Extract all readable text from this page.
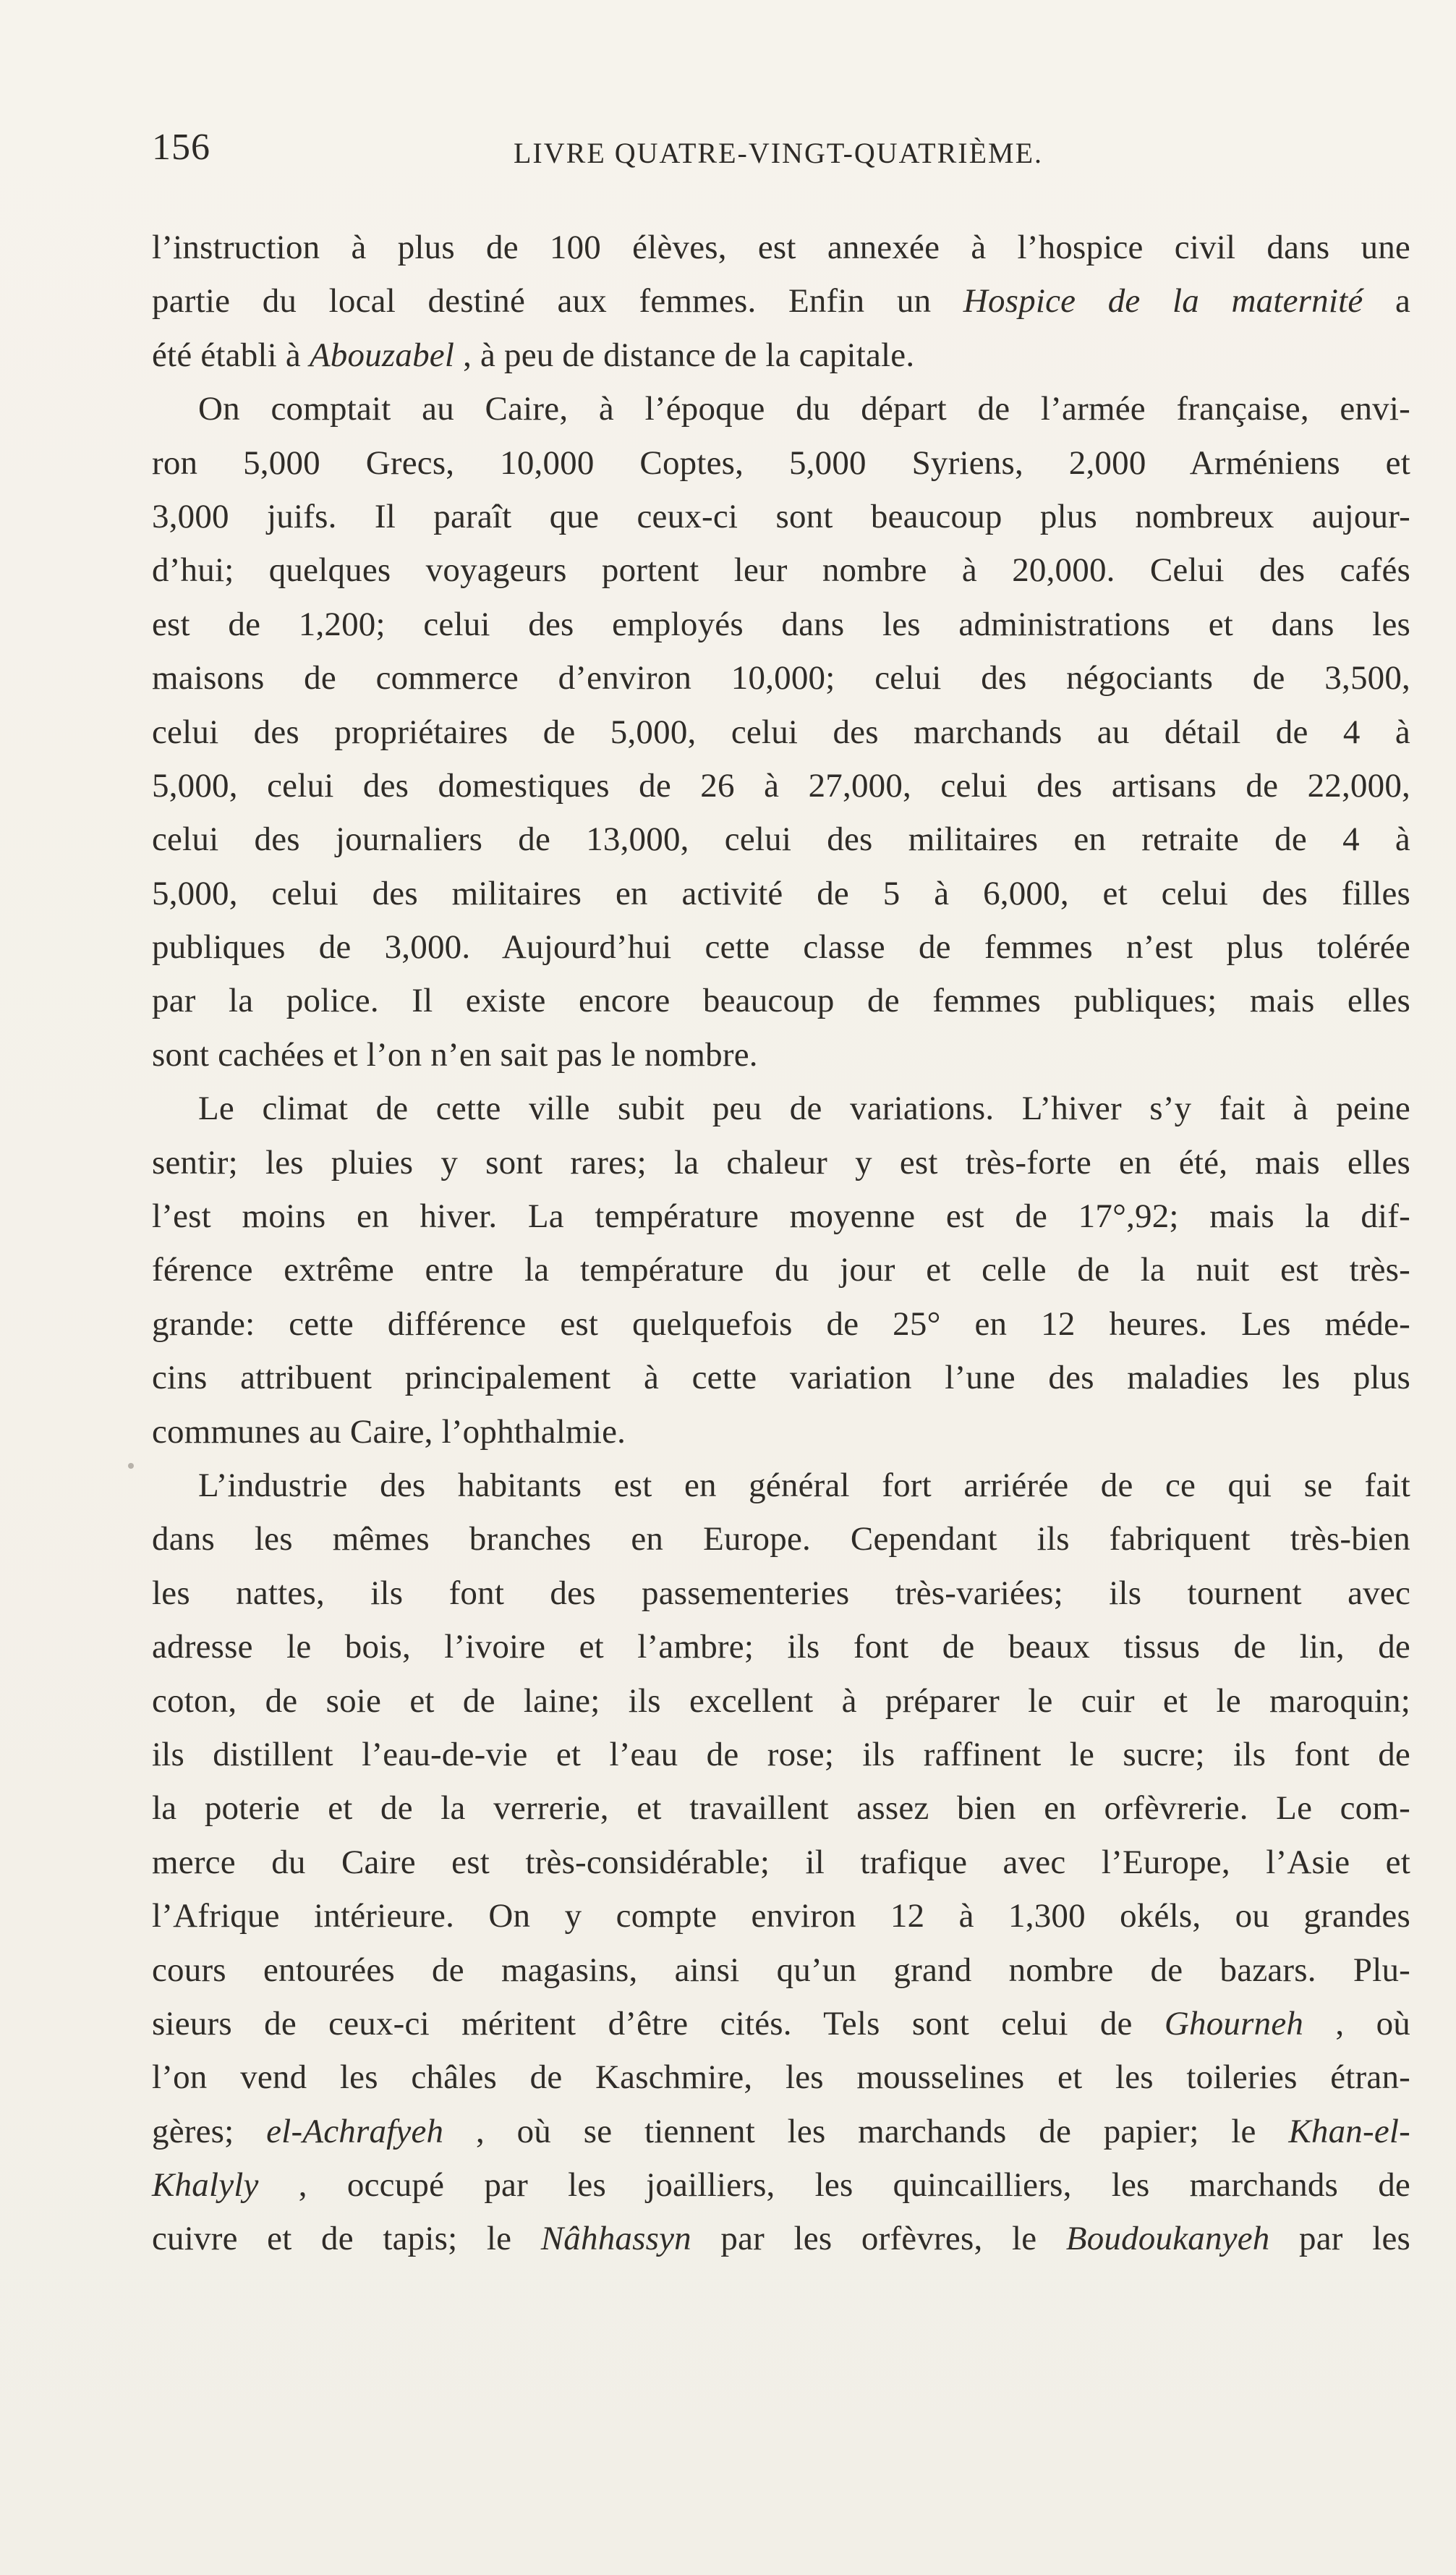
156	LIVRE QUATRE-VINGT-QUATRIÈME.
l’instruction à plus de 100 élèves, est annexée à l’hospice civil dans une
partie du local destiné aux femmes. Enfin un Hospice de la maternité a
été établi à Abouzabel , à peu de distance de la capitale.
On comptait au Caire, à l’époque du départ de l’armée française, envi-
ron 5,000 Grecs, 10,000 Coptes, 5,000 Syriens, 2,000 Arméniens et
3,000 juifs. Il paraît que ceux-ci sont beaucoup plus nombreux aujour-
d’hui; quelques voyageurs portent leur nombre à 20,000. Celui des cafés
est de 1,200; celui des employés dans les administrations et dans les
maisons de commerce d’environ 10,000; celui des négociants de 3,500,
celui des propriétaires de 5,000, celui des marchands au détail de 4 à
5,000, celui des domestiques de 26 à 27,000, celui des artisans de 22,000,
celui des journaliers de 13,000, celui des militaires en retraite de 4 à
5,000, celui des militaires en activité de 5 à 6,000, et celui des filles
publiques de 3,000. Aujourd’hui cette classe de femmes n’est plus tolérée
par la police. Il existe encore beaucoup de femmes publiques; mais elles
sont cachées et l’on n’en sait pas le nombre.
Le climat de cette ville subit peu de variations. L’hiver s’y fait à peine
sentir; les pluies y sont rares; la chaleur y est très-forte en été, mais elles
l’est moins en hiver. La température moyenne est de 17°,92; mais la dif-
férence extrême entre la température du jour et celle de la nuit est très-
grande: cette différence est quelquefois de 25° en 12 heures. Les méde-
cins attribuent principalement à cette variation l’une des maladies les plus
communes au Caire, l’ophthalmie.
L’industrie des habitants est en général fort arriérée de ce qui se fait
dans les mêmes branches en Europe. Cependant ils fabriquent très-bien
les nattes, ils font des passementeries très-variées; ils tournent avec
adresse le bois, l’ivoire et l’ambre; ils font de beaux tissus de lin, de
coton, de soie et de laine; ils excellent à préparer le cuir et le maroquin;
ils distillent l’eau-de-vie et l’eau de rose; ils raffinent le sucre; ils font de
la poterie et de la verrerie, et travaillent assez bien en orfèvrerie. Le com-
merce du Caire est très-considérable; il trafique avec l’Europe, l’Asie et
l’Afrique intérieure. On y compte environ 12 à 1,300 okéls, ou grandes
cours entourées de magasins, ainsi qu’un grand nombre de bazars. Plu-
sieurs de ceux-ci méritent d’être cités. Tels sont celui de Ghourneh , où
l’on vend les châles de Kaschmire, les mousselines et les toileries étran-
gères; el-Achrafyeh , où se tiennent les marchands de papier; le Khan-el-
Khalyly , occupé par les joailliers, les quincailliers, les marchands de
cuivre et de tapis; le Nâhhassyn par les orfèvres, le Boudoukanyeh par les
